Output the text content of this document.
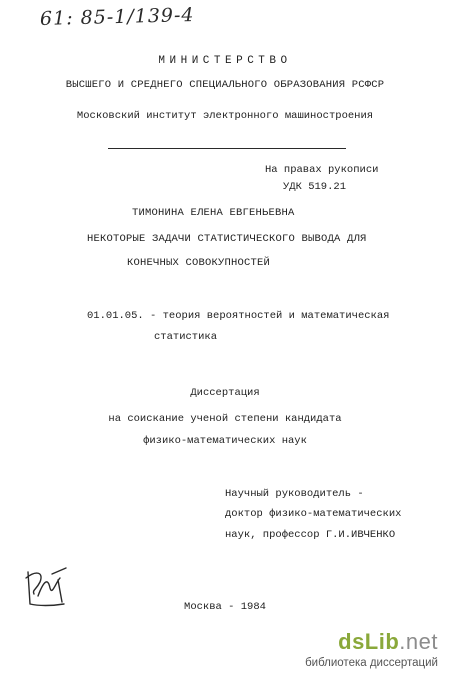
61: 85-1/139-4
МИНИСТЕРСТВО
ВЫСШЕГО И СРЕДНЕГО СПЕЦИАЛЬНОГО ОБРАЗОВАНИЯ РСФСР
Московский институт электронного машиностроения
На правах рукописи
УДК 519.21
ТИМОНИНА ЕЛЕНА ЕВГЕНЬЕВНА
НЕКОТОРЫЕ ЗАДАЧИ СТАТИСТИЧЕСКОГО ВЫВОДА ДЛЯ
КОНЕЧНЫХ СОВОКУПНОСТЕЙ
01.01.05. - теория вероятностей и математическая
статистика
Диссертация
на соискание ученой степени кандидата
физико-математических наук
Научный руководитель -
доктор физико-математических
наук, профессор Г.И.ИВЧЕНКО
Москва - 1984
dsLib.net
библиотека диссертаций
